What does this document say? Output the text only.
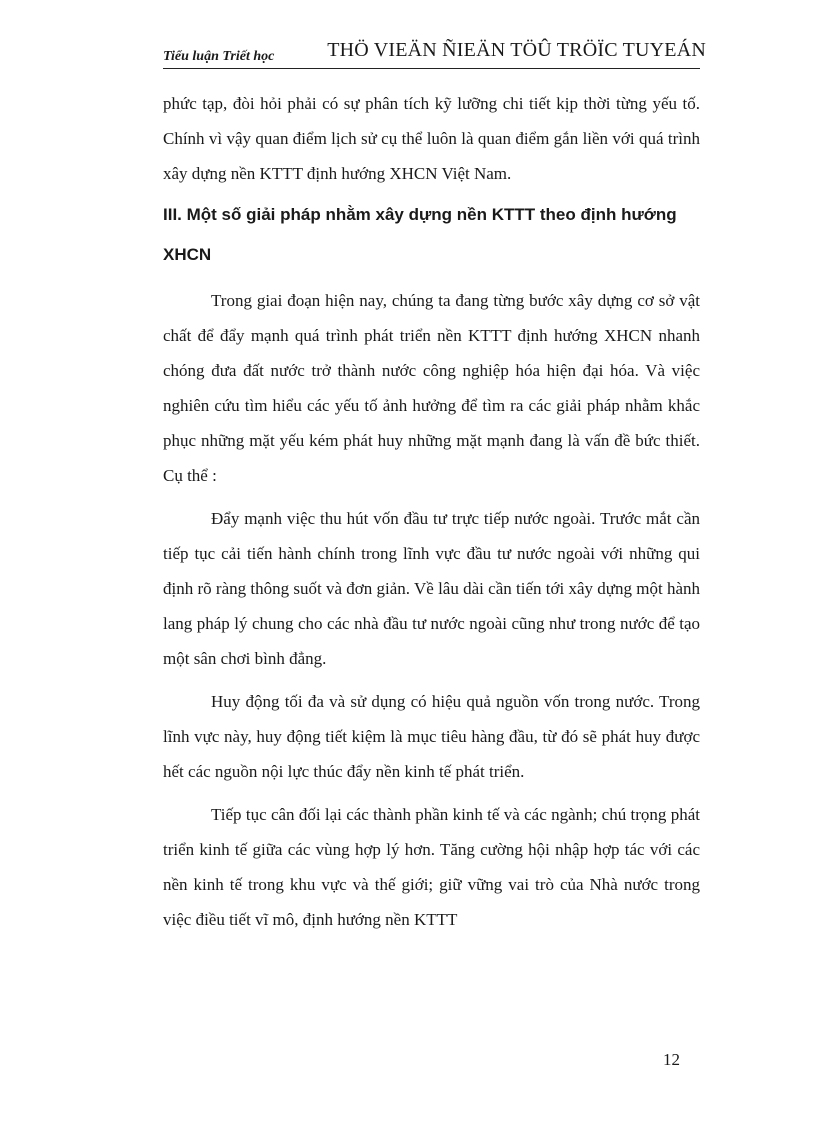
Tiểu luận Triết học	THÖ VIEÄN ÑIEÄN TÖÛ TRÖÏC TUYEÁN

phức tạp, đòi hỏi phải có sự phân tích kỹ lưỡng chi tiết kịp thời từng yếu tố. Chính vì vậy quan điểm lịch sử cụ thể luôn là quan điểm gắn liền với quá trình xây dựng nền KTTT định hướng XHCN Việt Nam.

III. Một số giải pháp nhằm xây dựng nền KTTT theo định hướng XHCN

Trong giai đoạn hiện nay, chúng ta đang từng bước xây dựng cơ sở vật chất để đẩy mạnh quá trình phát triển nền KTTT định hướng XHCN nhanh chóng đưa đất nước trở thành nước công nghiệp hóa hiện đại hóa. Và việc nghiên cứu tìm hiểu các yếu tố ảnh hưởng để tìm ra các giải pháp nhằm khắc phục những mặt yếu kém phát huy những mặt mạnh đang là vấn đề bức thiết. Cụ thể :

Đẩy mạnh việc thu hút vốn đầu tư trực tiếp nước ngoài. Trước mắt cần tiếp tục cải tiến hành chính trong lĩnh vực đầu tư nước ngoài với những qui định rõ ràng thông suốt và đơn giản. Về lâu dài cần tiến tới xây dựng một hành lang pháp lý chung cho các nhà đầu tư nước ngoài cũng như trong nước để tạo một sân chơi bình đẳng.

Huy động tối đa và sử dụng có hiệu quả nguồn vốn trong nước. Trong lĩnh vực này, huy động tiết kiệm là mục tiêu hàng đầu, từ đó sẽ phát huy được hết các nguồn nội lực thúc đẩy nền kinh tế phát triển.

Tiếp tục cân đối lại các thành phần kinh tế và các ngành; chú trọng phát triển kinh tế giữa các vùng hợp lý hơn. Tăng cường hội nhập hợp tác với các nền kinh tế trong khu vực và thế giới; giữ vững vai trò của Nhà nước trong việc điều tiết vĩ mô, định hướng nền KTTT

12
